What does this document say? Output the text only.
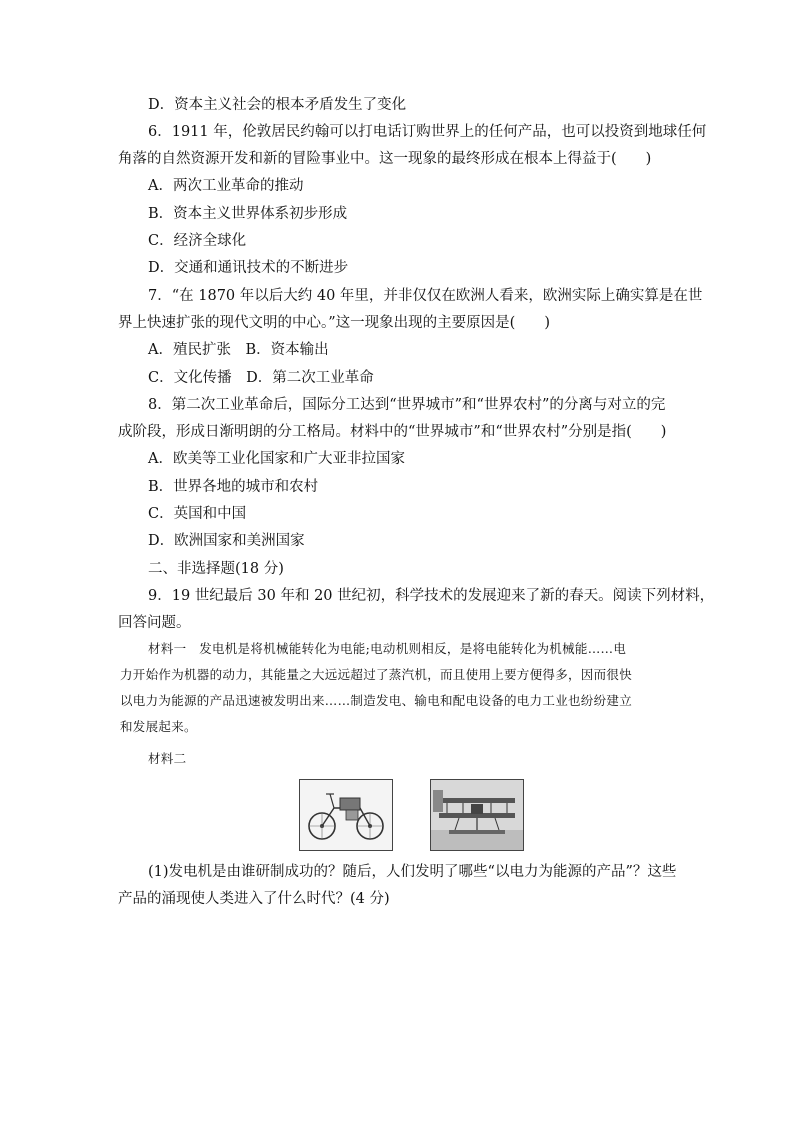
D．资本主义社会的根本矛盾发生了变化
6．1911 年，伦敦居民约翰可以打电话订购世界上的任何产品，也可以投资到地球任何
角落的自然资源开发和新的冒险事业中。这一现象的最终形成在根本上得益于(　　)
A．两次工业革命的推动
B．资本主义世界体系初步形成
C．经济全球化
D．交通和通讯技术的不断进步
7．“在 1870 年以后大约 40 年里，并非仅仅在欧洲人看来，欧洲实际上确实算是在世
界上快速扩张的现代文明的中心。”这一现象出现的主要原因是(　　)
A．殖民扩张　B．资本输出
C．文化传播　D．第二次工业革命
8．第二次工业革命后，国际分工达到“世界城市”和“世界农村”的分离与对立的完
成阶段，形成日渐明朗的分工格局。材料中的“世界城市”和“世界农村”分别是指(　　)
A．欧美等工业化国家和广大亚非拉国家
B．世界各地的城市和农村
C．英国和中国
D．欧洲国家和美洲国家
二、非选择题(18 分)
9．19 世纪最后 30 年和 20 世纪初，科学技术的发展迎来了新的春天。阅读下列材料，
回答问题。
材料一　发电机是将机械能转化为电能;电动机则相反，是将电能转化为机械能……电
力开始作为机器的动力，其能量之大远远超过了蒸汽机，而且使用上要方便得多，因而很快
以电力为能源的产品迅速被发明出来……制造发电、输电和配电设备的电力工业也纷纷建立
和发展起来。
材料二
(1)发电机是由谁研制成功的？随后，人们发明了哪些“以电力为能源的产品”？这些
产品的涌现使人类进入了什么时代？(4 分)
